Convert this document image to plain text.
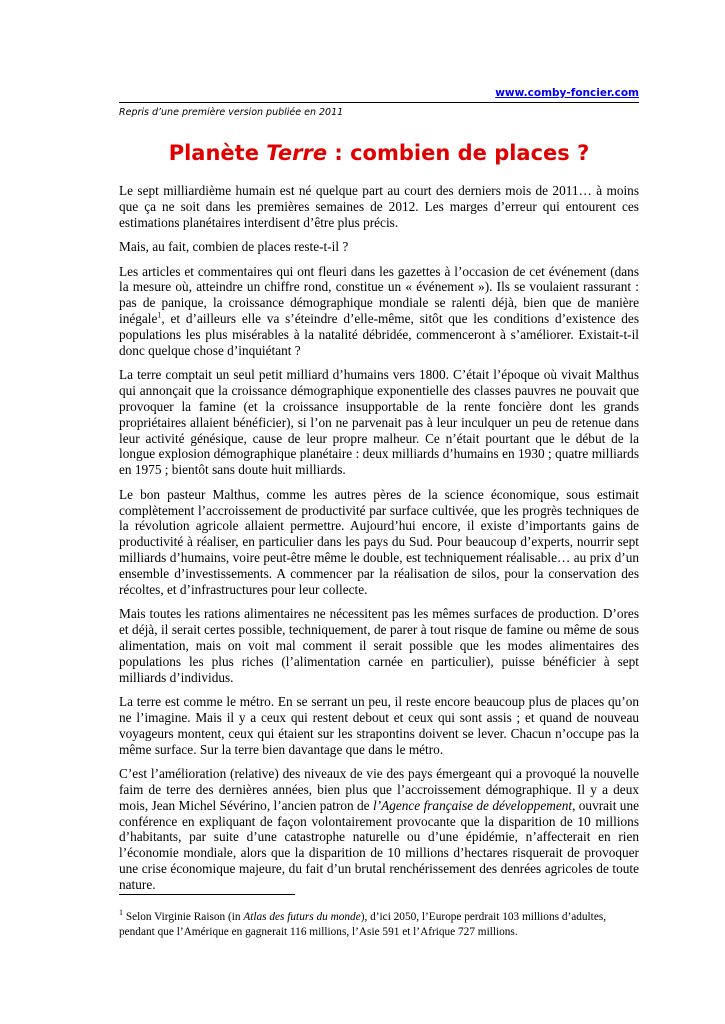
www.comby-foncier.com
Repris d’une première version publiée en 2011
Planète Terre : combien de places ?

Le sept milliardième humain est né quelque part au court des derniers mois de 2011… à moins que ça ne soit dans les premières semaines de 2012. Les marges d’erreur qui entourent ces estimations planétaires interdisent d’être plus précis.

Mais, au fait, combien de places reste-t-il ?

Les articles et commentaires qui ont fleuri dans les gazettes à l’occasion de cet événement (dans la mesure où, atteindre un chiffre rond, constitue un « événement »). Ils se voulaient rassurant : pas de panique, la croissance démographique mondiale se ralenti déjà, bien que de manière inégale$^1$, et d’ailleurs elle va s’éteindre d’elle-même, sitôt que les conditions d’existence des populations les plus misérables à la natalité débridée, commenceront à s’améliorer. Existait-t-il donc quelque chose d’inquiétant ?

La terre comptait un seul petit milliard d’humains vers 1800. C’était l’époque où vivait Malthus qui annonçait que la croissance démographique exponentielle des classes pauvres ne pouvait que provoquer la famine (et la croissance insupportable de la rente foncière dont les grands propriétaires allaient bénéficier), si l’on ne parvenait pas à leur inculquer un peu de retenue dans leur activité génésique, cause de leur propre malheur. Ce n’était pourtant que le début de la longue explosion démographique planétaire : deux milliards d’humains en 1930 ; quatre milliards en 1975 ; bientôt sans doute huit milliards.

Le bon pasteur Malthus, comme les autres pères de la science économique, sous estimait complètement l’accroissement de productivité par surface cultivée, que les progrès techniques de la révolution agricole allaient permettre. Aujourd’hui encore, il existe d’importants gains de productivité à réaliser, en particulier dans les pays du Sud. Pour beaucoup d’experts, nourrir sept milliards d’humains, voire peut-être même le double, est techniquement réalisable… au prix d’un ensemble d’investissements. A commencer par la réalisation de silos, pour la conservation des récoltes, et d’infrastructures pour leur collecte.

Mais toutes les rations alimentaires ne nécessitent pas les mêmes surfaces de production. D’ores et déjà, il serait certes possible, techniquement, de parer à tout risque de famine ou même de sous alimentation, mais on voit mal comment il serait possible que les modes alimentaires des populations les plus riches (l’alimentation carnée en particulier), puisse bénéficier à sept milliards d’individus.

La terre est comme le métro. En se serrant un peu, il reste encore beaucoup plus de places qu’on ne l’imagine. Mais il y a ceux qui restent debout et ceux qui sont assis ; et quand de nouveau voyageurs montent, ceux qui étaient sur les strapontins doivent se lever. Chacun n’occupe pas la même surface. Sur la terre bien davantage que dans le métro.

C’est l’amélioration (relative) des niveaux de vie des pays émergeant qui a provoqué la nouvelle faim de terre des dernières années, bien plus que l’accroissement démographique. Il y a deux mois, Jean Michel Sévérino, l’ancien patron de l’Agence française de développement, ouvrait une conférence en expliquant de façon volontairement provocante que la disparition de 10 millions d’habitants, par suite d’une catastrophe naturelle ou d’une épidémie, n’affecterait en rien l’économie mondiale, alors que la disparition de 10 millions d’hectares risquerait de provoquer une crise économique majeure, du fait d’un brutal renchérissement des denrées agricoles de toute nature.

$^1$ Selon Virginie Raison (in Atlas des futurs du monde), d’ici 2050, l’Europe perdrait 103 millions d’adultes, pendant que l’Amérique en gagnerait 116 millions, l’Asie 591 et l’Afrique 727 millions.
